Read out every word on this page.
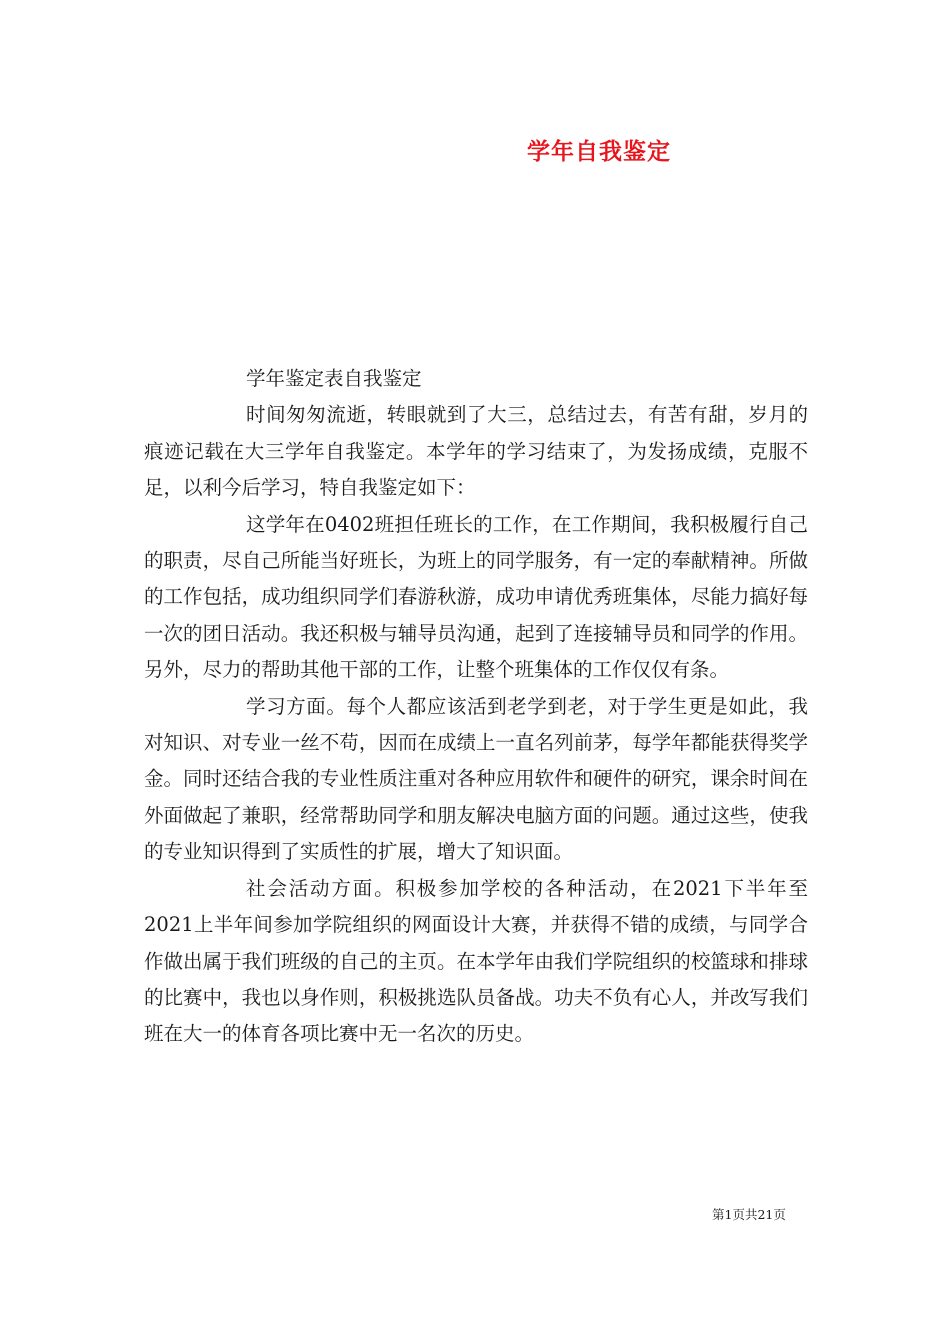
学年自我鉴定

学年鉴定表自我鉴定

时间匆匆流逝，转眼就到了大三，总结过去，有苦有甜，岁月的痕迹记载在大三学年自我鉴定。本学年的学习结束了，为发扬成绩，克服不足，以利今后学习，特自我鉴定如下：

这学年在0402班担任班长的工作，在工作期间，我积极履行自己的职责，尽自己所能当好班长，为班上的同学服务，有一定的奉献精神。所做的工作包括，成功组织同学们春游秋游，成功申请优秀班集体，尽能力搞好每一次的团日活动。我还积极与辅导员沟通，起到了连接辅导员和同学的作用。另外，尽力的帮助其他干部的工作，让整个班集体的工作仅仅有条。

学习方面。每个人都应该活到老学到老，对于学生更是如此，我对知识、对专业一丝不苟，因而在成绩上一直名列前茅，每学年都能获得奖学金。同时还结合我的专业性质注重对各种应用软件和硬件的研究，课余时间在外面做起了兼职，经常帮助同学和朋友解决电脑方面的问题。通过这些，使我的专业知识得到了实质性的扩展，增大了知识面。

社会活动方面。积极参加学校的各种活动，在2021下半年至2021上半年间参加学院组织的网面设计大赛，并获得不错的成绩，与同学合作做出属于我们班级的自己的主页。在本学年由我们学院组织的校篮球和排球的比赛中，我也以身作则，积极挑选队员备战。功夫不负有心人，并改写我们班在大一的体育各项比赛中无一名次的历史。

第1页共21页
